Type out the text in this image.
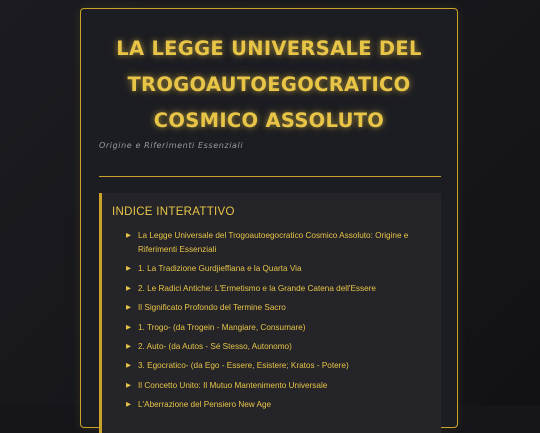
LA LEGGE UNIVERSALE DEL
TROGOAUTOEGOCRATICO
COSMICO ASSOLUTO

Origine e Riferimenti Essenziali

INDICE INTERATTIVO
▶ La Legge Universale del Trogoautoegocratico Cosmico Assoluto: Origine e Riferimenti Essenziali
▶ 1. La Tradizione Gurdjieffiana e la Quarta Via
▶ 2. Le Radici Antiche: L'Ermetismo e la Grande Catena dell'Essere
▶ Il Significato Profondo del Termine Sacro
▶ 1. Trogo- (da Trogein - Mangiare, Consumare)
▶ 2. Auto- (da Autos - Sé Stesso, Autonomo)
▶ 3. Egocratico- (da Ego - Essere, Esistere; Kratos - Potere)
▶ Il Concetto Unito: Il Mutuo Mantenimento Universale
▶ L'Aberrazione del Pensiero New Age
